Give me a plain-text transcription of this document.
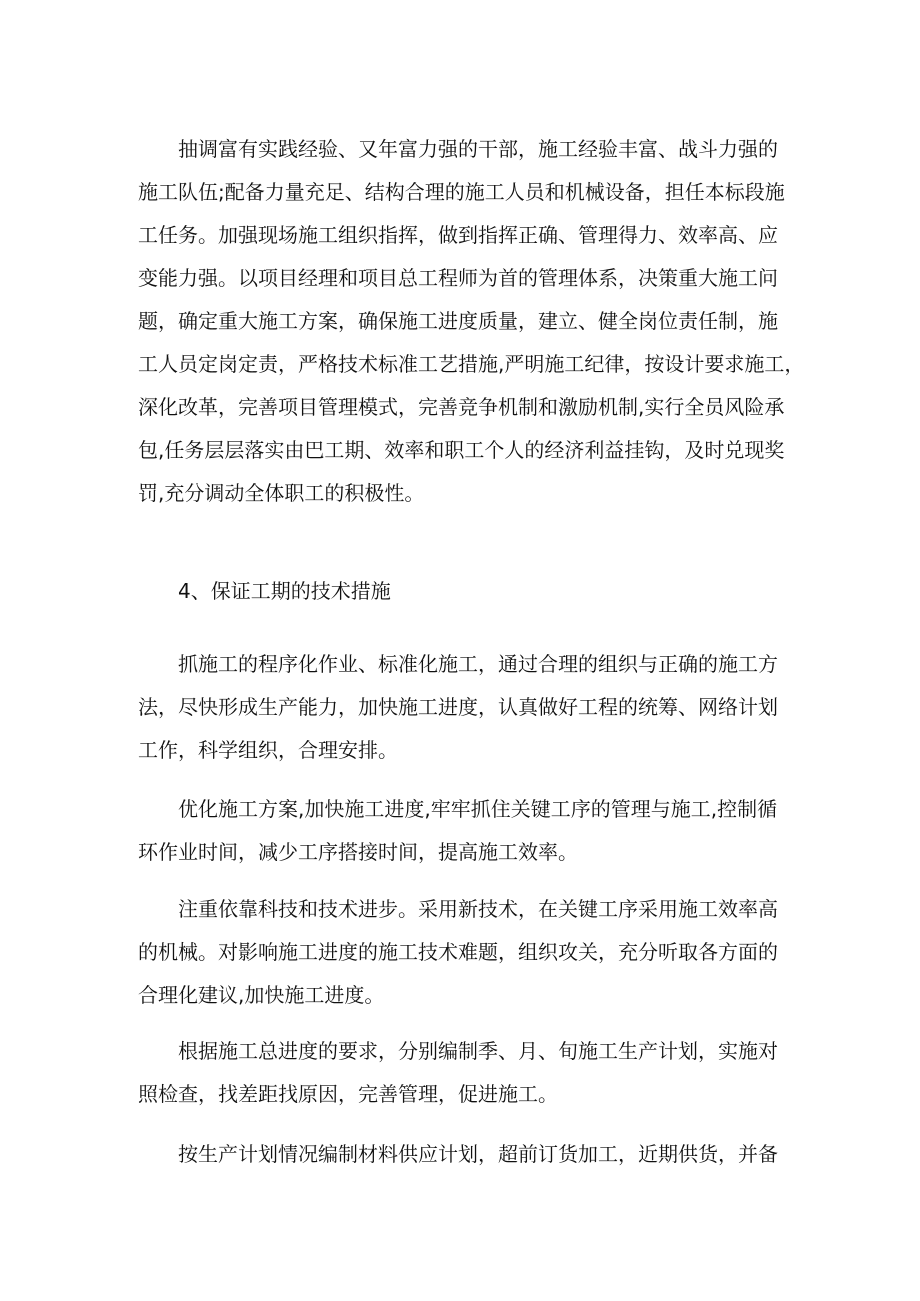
抽调富有实践经验、又年富力强的干部，施工经验丰富、战斗力强的
施工队伍;配备力量充足、结构合理的施工人员和机械设备，担任本标段施
工任务。加强现场施工组织指挥，做到指挥正确、管理得力、效率高、应
变能力强。以项目经理和项目总工程师为首的管理体系，决策重大施工问
题，确定重大施工方案，确保施工进度质量，建立、健全岗位责任制，施
工人员定岗定责，严格技术标准工艺措施,严明施工纪律，按设计要求施工，
深化改革，完善项目管理模式，完善竞争机制和激励机制,实行全员风险承
包,任务层层落实由巴工期、效率和职工个人的经济利益挂钩，及时兑现奖
罚,充分调动全体职工的积极性。
4、保证工期的技术措施
抓施工的程序化作业、标准化施工，通过合理的组织与正确的施工方
法，尽快形成生产能力，加快施工进度，认真做好工程的统筹、网络计划
工作，科学组织，合理安排。
优化施工方案,加快施工进度,牢牢抓住关键工序的管理与施工,控制循
环作业时间，减少工序搭接时间，提高施工效率。
注重依靠科技和技术进步。采用新技术，在关键工序采用施工效率高
的机械。对影响施工进度的施工技术难题，组织攻关，充分听取各方面的
合理化建议,加快施工进度。
根据施工总进度的要求，分别编制季、月、旬施工生产计划，实施对
照检查，找差距找原因，完善管理，促进施工。
按生产计划情况编制材料供应计划，超前订货加工，近期供货，并备
